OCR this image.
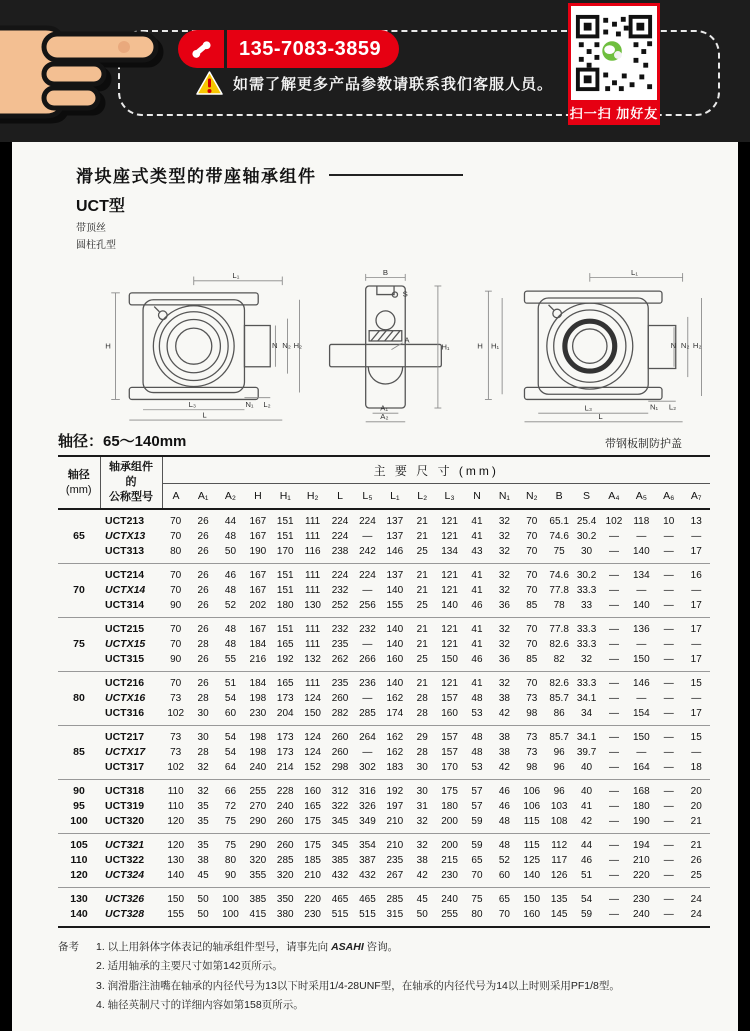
135-7083-3859
如需了解更多产品参数请联系我们客服人员。
扫一扫 加好友
滑块座式类型的带座轴承组件
UCT型
带顶丝
圆柱孔型
L₁
H	N N₂ H₂
N₁ L₂
L₃
L
B
S
A
H₁
A₁
A₂
L₁
H H₁	N N₂ H₂
N₁ L₂
L₃
L
轴径：65～140mm	带钢板制防护盖
轴径
(mm)

轴承组件
的
公称型号
	主 要 尺 寸 (mm)
		A	A₁	A₂	H	H₁	H₂	L	L₅	L₁	L₂	L₃	N	N₁	N₂	B	S	A₄	A₅	A₆	A₇
	UCT213	70	26	44	167	151	111	224	224	137	21	121	41	32	70	65.1	25.4	102	118	10	13
65	UCTX13	70	26	48	167	151	111	224	—	137	21	121	41	32	70	74.6	30.2	—	—	—	—
	UCT313	80	26	50	190	170	116	238	242	146	25	134	43	32	70	75	30	—	140	—	17
	UCT214	70	26	46	167	151	111	224	224	137	21	121	41	32	70	74.6	30.2	—	134	—	16
70	UCTX14	70	26	48	167	151	111	232	—	140	21	121	41	32	70	77.8	33.3	—	—	—	—
	UCT314	90	26	52	202	180	130	252	256	155	25	140	46	36	85	78	33	—	140	—	17
	UCT215	70	26	48	167	151	111	232	232	140	21	121	41	32	70	77.8	33.3	—	136	—	17
75	UCTX15	70	28	48	184	165	111	235	—	140	21	121	41	32	70	82.6	33.3	—	—	—	—
	UCT315	90	26	55	216	192	132	262	266	160	25	150	46	36	85	82	32	—	150	—	17
	UCT216	70	26	51	184	165	111	235	236	140	21	121	41	32	70	82.6	33.3	—	146	—	15
80	UCTX16	73	28	54	198	173	124	260	—	162	28	157	48	38	73	85.7	34.1	—	—	—	—
	UCT316	102	30	60	230	204	150	282	285	174	28	160	53	42	98	86	34	—	154	—	17
	UCT217	73	30	54	198	173	124	260	264	162	29	157	48	38	73	85.7	34.1	—	150	—	15
85	UCTX17	73	28	54	198	173	124	260	—	162	28	157	48	38	73	96	39.7	—	—	—	—
	UCT317	102	32	64	240	214	152	298	302	183	30	170	53	42	98	96	40	—	164	—	18
90	UCT318	110	32	66	255	228	160	312	316	192	30	175	57	46	106	96	40	—	168	—	20
95	UCT319	110	35	72	270	240	165	322	326	197	31	180	57	46	106	103	41	—	180	—	20
100	UCT320	120	35	75	290	260	175	345	349	210	32	200	59	48	115	108	42	—	190	—	21
105	UCT321	120	35	75	290	260	175	345	354	210	32	200	59	48	115	112	44	—	194	—	21
110	UCT322	130	38	80	320	285	185	385	387	235	38	215	65	52	125	117	46	—	210	—	26
120	UCT324	140	45	90	355	320	210	432	432	267	42	230	70	60	140	126	51	—	220	—	25
130	UCT326	150	50	100	385	350	220	465	465	285	45	240	75	65	150	135	54	—	230	—	24
140	UCT328	155	50	100	415	380	230	515	515	315	50	255	80	70	160	145	59	—	240	—	24
备考	1. 以上用斜体字体表记的轴承组件型号，请事先向 ASAHI 咨询。
2. 适用轴承的主要尺寸如第142页所示。
3. 润滑脂注油嘴在轴承的内径代号为13以下时采用1/4-28UNF型，在轴承的内径代号为14以上时则采用PF1/8型。
4. 轴径英制尺寸的详细内容如第158页所示。
